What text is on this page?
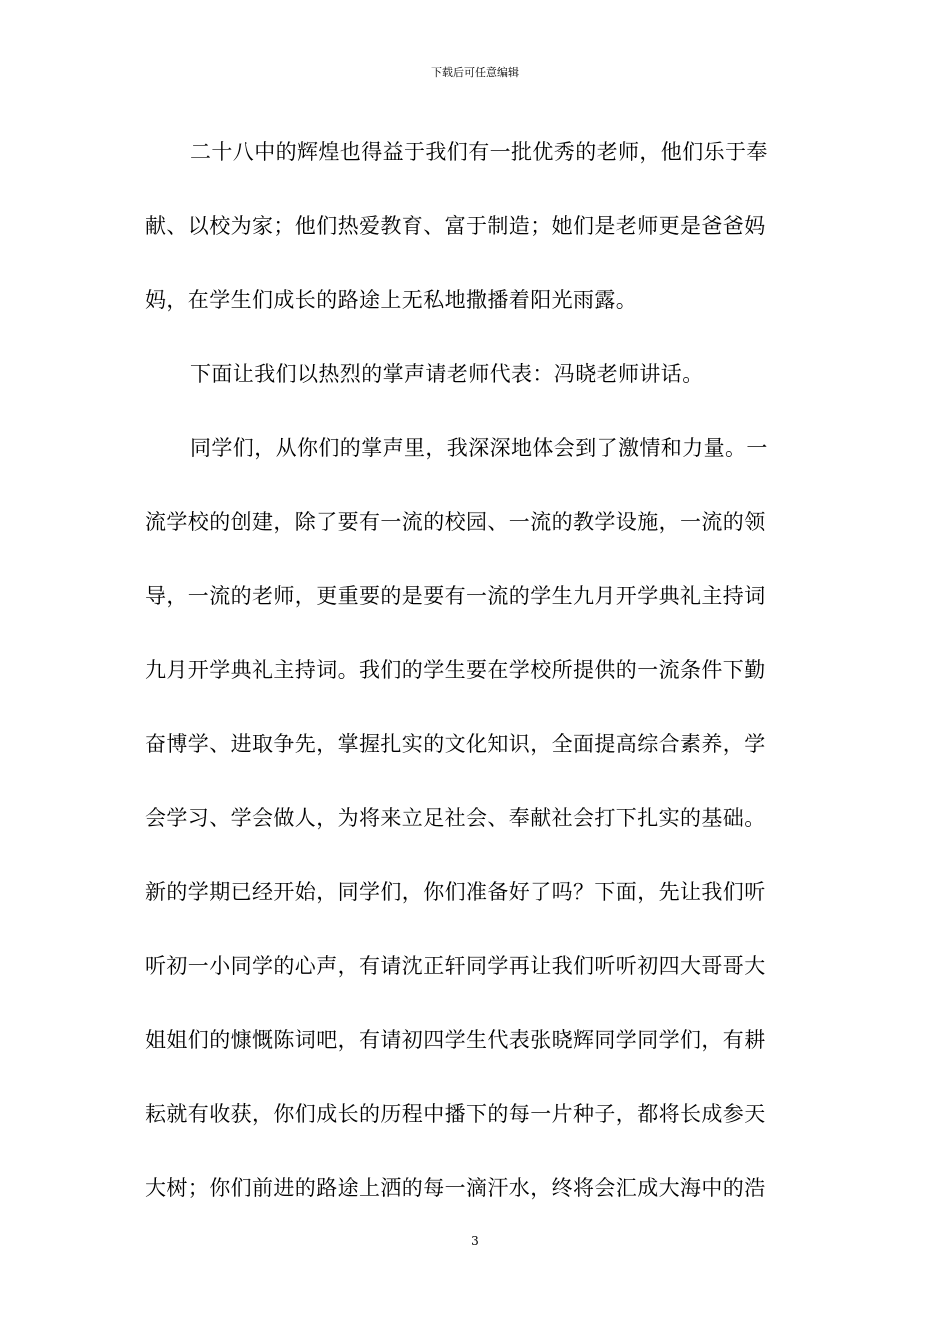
下载后可任意编辑
二十八中的辉煌也得益于我们有一批优秀的老师，他们乐于奉
献、以校为家；他们热爱教育、富于制造；她们是老师更是爸爸妈
妈，在学生们成长的路途上无私地撒播着阳光雨露。
下面让我们以热烈的掌声请老师代表：冯晓老师讲话。
同学们，从你们的掌声里，我深深地体会到了激情和力量。一
流学校的创建，除了要有一流的校园、一流的教学设施，一流的领
导，一流的老师，更重要的是要有一流的学生九月开学典礼主持词
九月开学典礼主持词。我们的学生要在学校所提供的一流条件下勤
奋博学、进取争先，掌握扎实的文化知识，全面提高综合素养，学
会学习、学会做人，为将来立足社会、奉献社会打下扎实的基础。
新的学期已经开始，同学们，你们准备好了吗？下面，先让我们听
听初一小同学的心声，有请沈正轩同学再让我们听听初四大哥哥大
姐姐们的慷慨陈词吧，有请初四学生代表张晓辉同学同学们，有耕
耘就有收获，你们成长的历程中播下的每一片种子，都将长成参天
大树；你们前进的路途上洒的每一滴汗水，终将会汇成大海中的浩
3
